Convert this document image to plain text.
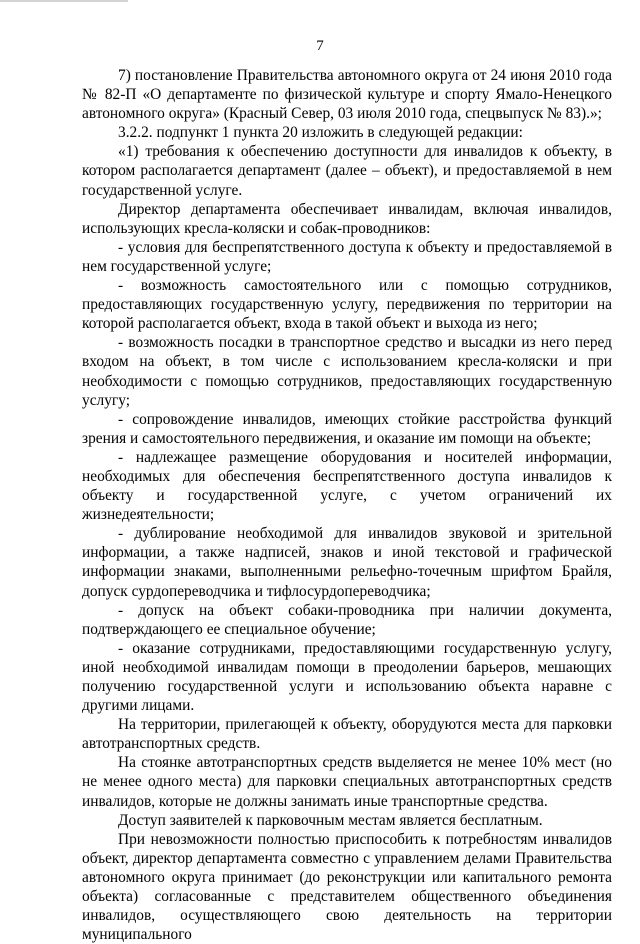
7

7) постановление Правительства автономного округа от 24 июня 2010 года № 82-П «О департаменте по физической культуре и спорту Ямало-Ненецкого автономного округа» (Красный Север, 03 июля 2010 года, спецвыпуск № 83).»;

3.2.2. подпункт 1 пункта 20 изложить в следующей редакции:

«1) требования к обеспечению доступности для инвалидов к объекту, в котором располагается департамент (далее – объект), и предоставляемой в нем государственной услуге.

Директор департамента обеспечивает инвалидам, включая инвалидов, использующих кресла-коляски и собак-проводников:

- условия для беспрепятственного доступа к объекту и предоставляемой в нем государственной услуге;

- возможность самостоятельного или с помощью сотрудников, предоставляющих государственную услугу, передвижения по территории на которой располагается объект, входа в такой объект и выхода из него;

- возможность посадки в транспортное средство и высадки из него перед входом на объект, в том числе с использованием кресла-коляски и при необходимости с помощью сотрудников, предоставляющих государственную услугу;

- сопровождение инвалидов, имеющих стойкие расстройства функций зрения и самостоятельного передвижения, и оказание им помощи на объекте;

- надлежащее размещение оборудования и носителей информации, необходимых для обеспечения беспрепятственного доступа инвалидов к объекту и государственной услуге, с учетом ограничений их жизнедеятельности;

- дублирование необходимой для инвалидов звуковой и зрительной информации, а также надписей, знаков и иной текстовой и графической информации знаками, выполненными рельефно-точечным шрифтом Брайля, допуск сурдопереводчика и тифлосурдопереводчика;

- допуск на объект собаки-проводника при наличии документа, подтверждающего ее специальное обучение;

- оказание сотрудниками, предоставляющими государственную услугу, иной необходимой инвалидам помощи в преодолении барьеров, мешающих получению государственной услуги и использованию объекта наравне с другими лицами.

На территории, прилегающей к объекту, оборудуются места для парковки автотранспортных средств.

На стоянке автотранспортных средств выделяется не менее 10% мест (но не менее одного места) для парковки специальных автотранспортных средств инвалидов, которые не должны занимать иные транспортные средства.

Доступ заявителей к парковочным местам является бесплатным.

При невозможности полностью приспособить к потребностям инвалидов объект, директор департамента совместно с управлением делами Правительства автономного округа принимает (до реконструкции или капитального ремонта объекта) согласованные с представителем общественного объединения инвалидов, осуществляющего свою деятельность на территории муниципального
